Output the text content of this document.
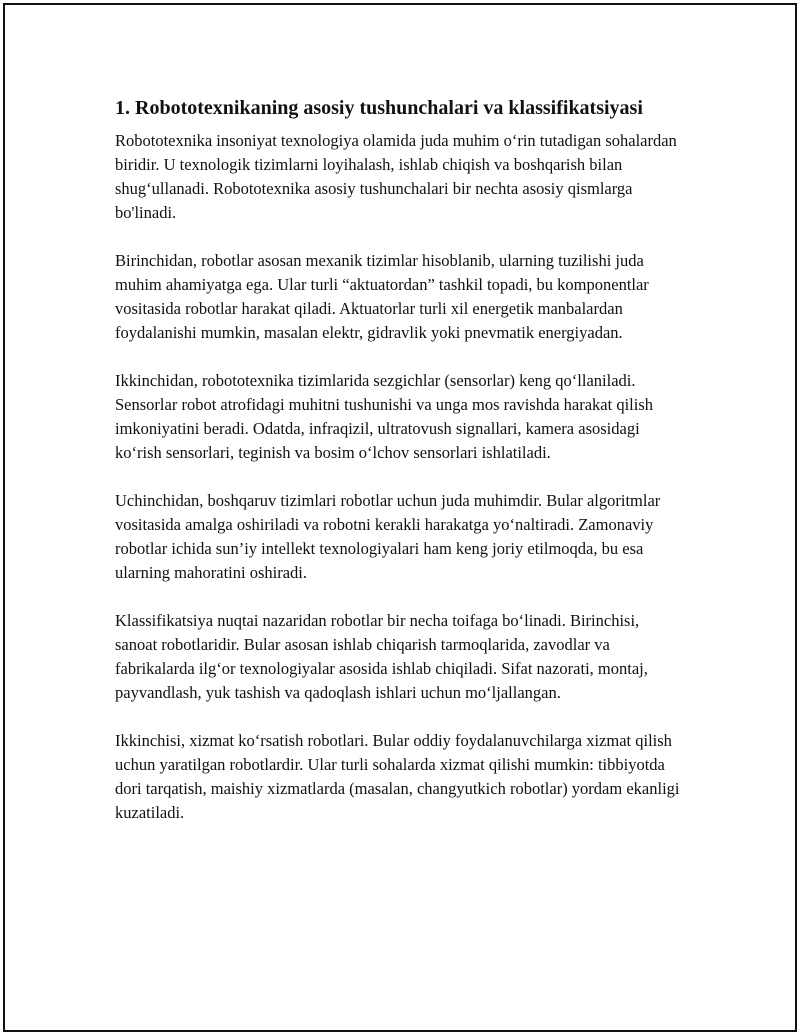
1. Robototexnikaning asosiy tushunchalari va klassifikatsiyasi

Robototexnika insoniyat texnologiya olamida juda muhim o‘rin tutadigan sohalardan biridir. U texnologik tizimlarni loyihalash, ishlab chiqish va boshqarish bilan shug‘ullanadi. Robototexnika asosiy tushunchalari bir nechta asosiy qismlarga bo'linadi.

Birinchidan, robotlar asosan mexanik tizimlar hisoblanib, ularning tuzilishi juda muhim ahamiyatga ega. Ular turli “aktuatordan” tashkil topadi, bu komponentlar vositasida robotlar harakat qiladi. Aktuatorlar turli xil energetik manbalardan foydalanishi mumkin, masalan elektr, gidravlik yoki pnevmatik energiyadan.

Ikkinchidan, robototexnika tizimlarida sezgichlar (sensorlar) keng qo‘llaniladi. Sensorlar robot atrofidagi muhitni tushunishi va unga mos ravishda harakat qilish imkoniyatini beradi. Odatda, infraqizil, ultratovush signallari, kamera asosidagi ko‘rish sensorlari, teginish va bosim o‘lchov sensorlari ishlatiladi.

Uchinchidan, boshqaruv tizimlari robotlar uchun juda muhimdir. Bular algoritmlar vositasida amalga oshiriladi va robotni kerakli harakatga yo‘naltiradi. Zamonaviy robotlar ichida sun’iy intellekt texnologiyalari ham keng joriy etilmoqda, bu esa ularning mahoratini oshiradi.

Klassifikatsiya nuqtai nazaridan robotlar bir necha toifaga bo‘linadi. Birinchisi, sanoat robotlaridir. Bular asosan ishlab chiqarish tarmoqlarida, zavodlar va fabrikalarda ilg‘or texnologiyalar asosida ishlab chiqiladi. Sifat nazorati, montaj, payvandlash, yuk tashish va qadoqlash ishlari uchun mo‘ljallangan.

Ikkinchisi, xizmat ko‘rsatish robotlari. Bular oddiy foydalanuvchilarga xizmat qilish uchun yaratilgan robotlardir. Ular turli sohalarda xizmat qilishi mumkin: tibbiyotda dori tarqatish, maishiy xizmatlarda (masalan, changyutkich robotlar) yordam ekanligi kuzatiladi.
